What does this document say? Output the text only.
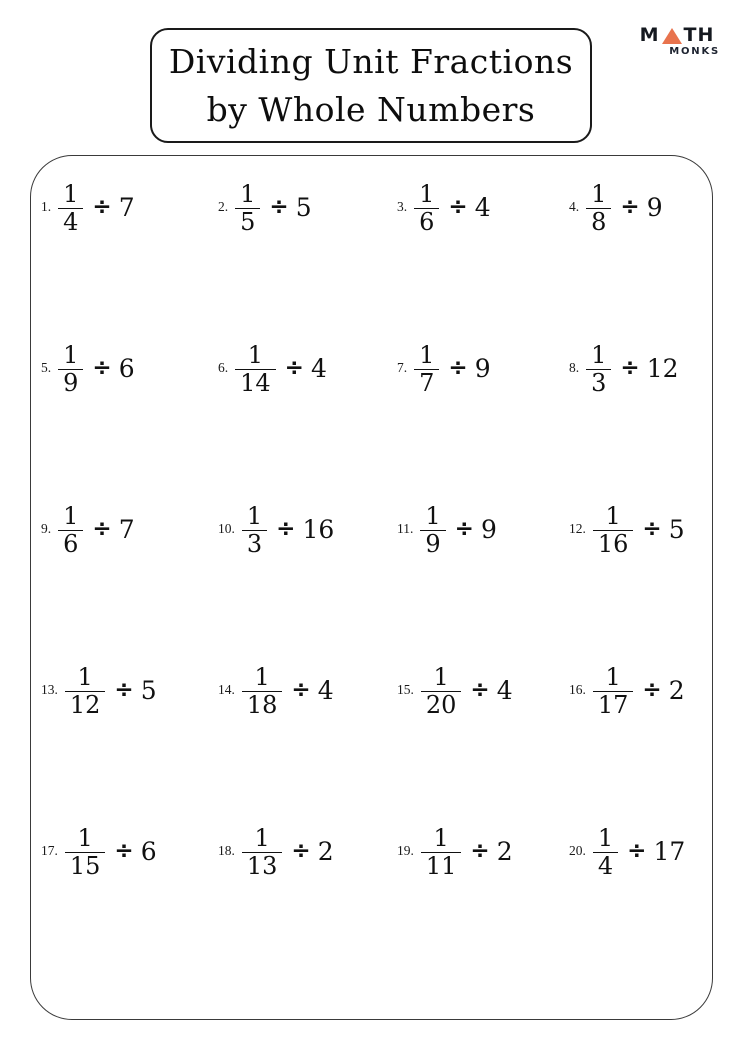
Dividing Unit Fractions
by Whole Numbers
M TH
MONKS
1. $\frac{1}{4} \div 7$	2. $\frac{1}{5} \div 5$	3. $\frac{1}{6} \div 4$	4. $\frac{1}{8} \div 9$
5. $\frac{1}{9} \div 6$	6. $\frac{1}{14} \div 4$	7. $\frac{1}{7} \div 9$	8. $\frac{1}{3} \div 12$
9. $\frac{1}{6} \div 7$	10. $\frac{1}{3} \div 16$	11. $\frac{1}{9} \div 9$	12. $\frac{1}{16} \div 5$
13. $\frac{1}{12} \div 5$	14. $\frac{1}{18} \div 4$	15. $\frac{1}{20} \div 4$	16. $\frac{1}{17} \div 2$
17. $\frac{1}{15} \div 6$	18. $\frac{1}{13} \div 2$	19. $\frac{1}{11} \div 2$	20. $\frac{1}{4} \div 17$
